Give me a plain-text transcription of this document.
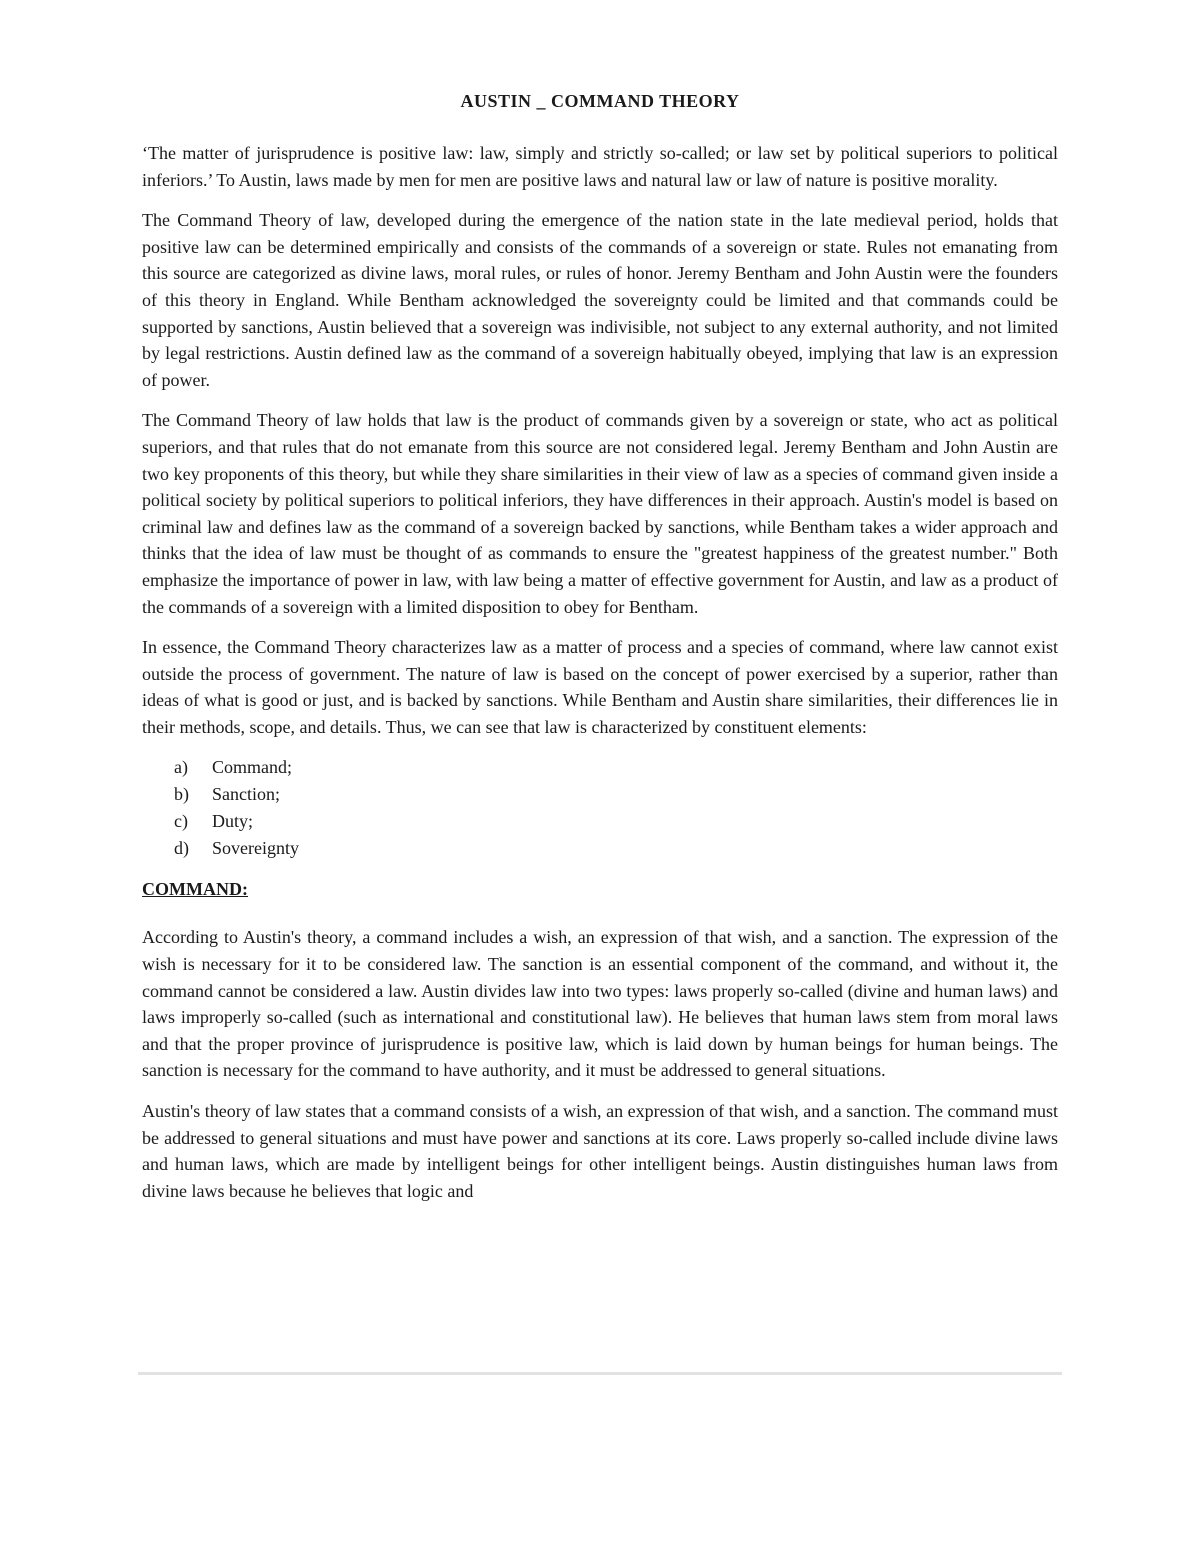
AUSTIN _ COMMAND THEORY

‘The matter of jurisprudence is positive law: law, simply and strictly so-called; or law set by political superiors to political inferiors.’ To Austin, laws made by men for men are positive laws and natural law or law of nature is positive morality.

The Command Theory of law, developed during the emergence of the nation state in the late medieval period, holds that positive law can be determined empirically and consists of the commands of a sovereign or state. Rules not emanating from this source are categorized as divine laws, moral rules, or rules of honor. Jeremy Bentham and John Austin were the founders of this theory in England. While Bentham acknowledged the sovereignty could be limited and that commands could be supported by sanctions, Austin believed that a sovereign was indivisible, not subject to any external authority, and not limited by legal restrictions. Austin defined law as the command of a sovereign habitually obeyed, implying that law is an expression of power.

The Command Theory of law holds that law is the product of commands given by a sovereign or state, who act as political superiors, and that rules that do not emanate from this source are not considered legal. Jeremy Bentham and John Austin are two key proponents of this theory, but while they share similarities in their view of law as a species of command given inside a political society by political superiors to political inferiors, they have differences in their approach. Austin's model is based on criminal law and defines law as the command of a sovereign backed by sanctions, while Bentham takes a wider approach and thinks that the idea of law must be thought of as commands to ensure the "greatest happiness of the greatest number." Both emphasize the importance of power in law, with law being a matter of effective government for Austin, and law as a product of the commands of a sovereign with a limited disposition to obey for Bentham.

In essence, the Command Theory characterizes law as a matter of process and a species of command, where law cannot exist outside the process of government. The nature of law is based on the concept of power exercised by a superior, rather than ideas of what is good or just, and is backed by sanctions. While Bentham and Austin share similarities, their differences lie in their methods, scope, and details. Thus, we can see that law is characterized by constituent elements:

a)	Command;
b)	Sanction;
c)	Duty;
d)	Sovereignty
COMMAND:

According to Austin's theory, a command includes a wish, an expression of that wish, and a sanction. The expression of the wish is necessary for it to be considered law. The sanction is an essential component of the command, and without it, the command cannot be considered a law. Austin divides law into two types: laws properly so-called (divine and human laws) and laws improperly so-called (such as international and constitutional law). He believes that human laws stem from moral laws and that the proper province of jurisprudence is positive law, which is laid down by human beings for human beings. The sanction is necessary for the command to have authority, and it must be addressed to general situations.

Austin's theory of law states that a command consists of a wish, an expression of that wish, and a sanction. The command must be addressed to general situations and must have power and sanctions at its core. Laws properly so-called include divine laws and human laws, which are made by intelligent beings for other intelligent beings. Austin distinguishes human laws from divine laws because he believes that logic and
